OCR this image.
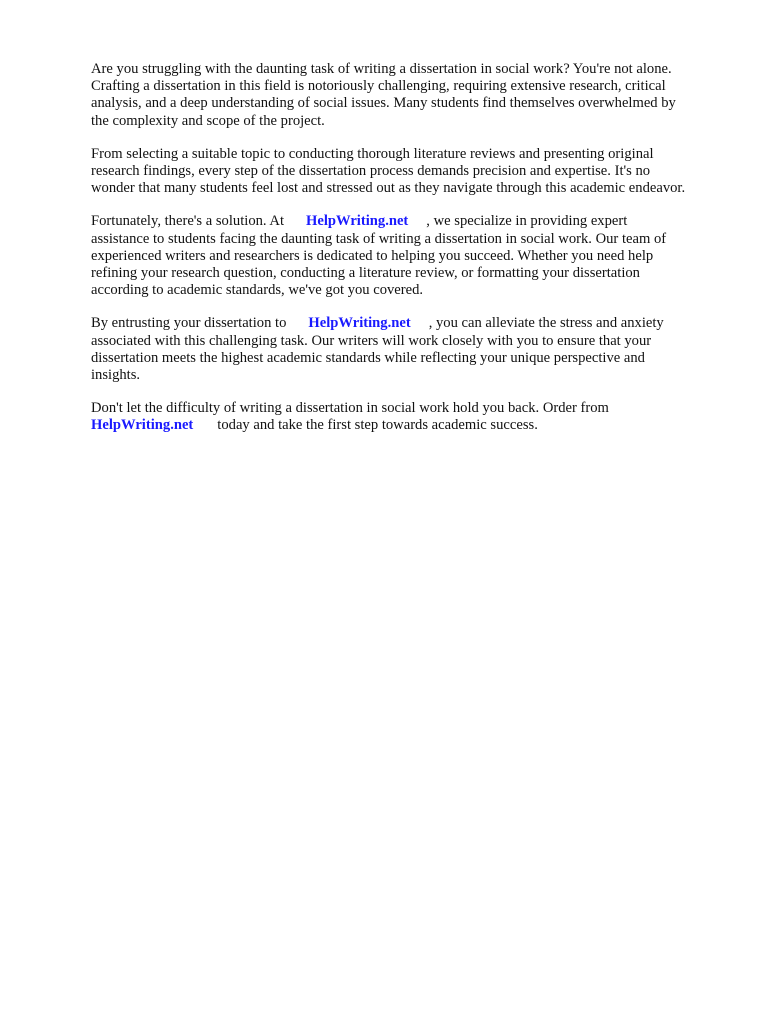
Are you struggling with the daunting task of writing a dissertation in social work? You're not alone.
Crafting a dissertation in this field is notoriously challenging, requiring extensive research, critical
analysis, and a deep understanding of social issues. Many students find themselves overwhelmed by
the complexity and scope of the project.

From selecting a suitable topic to conducting thorough literature reviews and presenting original
research findings, every step of the dissertation process demands precision and expertise. It's no
wonder that many students feel lost and stressed out as they navigate through this academic endeavor.

Fortunately, there's a solution. At HelpWriting.net , we specialize in providing expert
assistance to students facing the daunting task of writing a dissertation in social work. Our team of
experienced writers and researchers is dedicated to helping you succeed. Whether you need help
refining your research question, conducting a literature review, or formatting your dissertation
according to academic standards, we've got you covered.

By entrusting your dissertation to HelpWriting.net , you can alleviate the stress and anxiety
associated with this challenging task. Our writers will work closely with you to ensure that your
dissertation meets the highest academic standards while reflecting your unique perspective and
insights.

Don't let the difficulty of writing a dissertation in social work hold you back. Order from
HelpWriting.net today and take the first step towards academic success.
